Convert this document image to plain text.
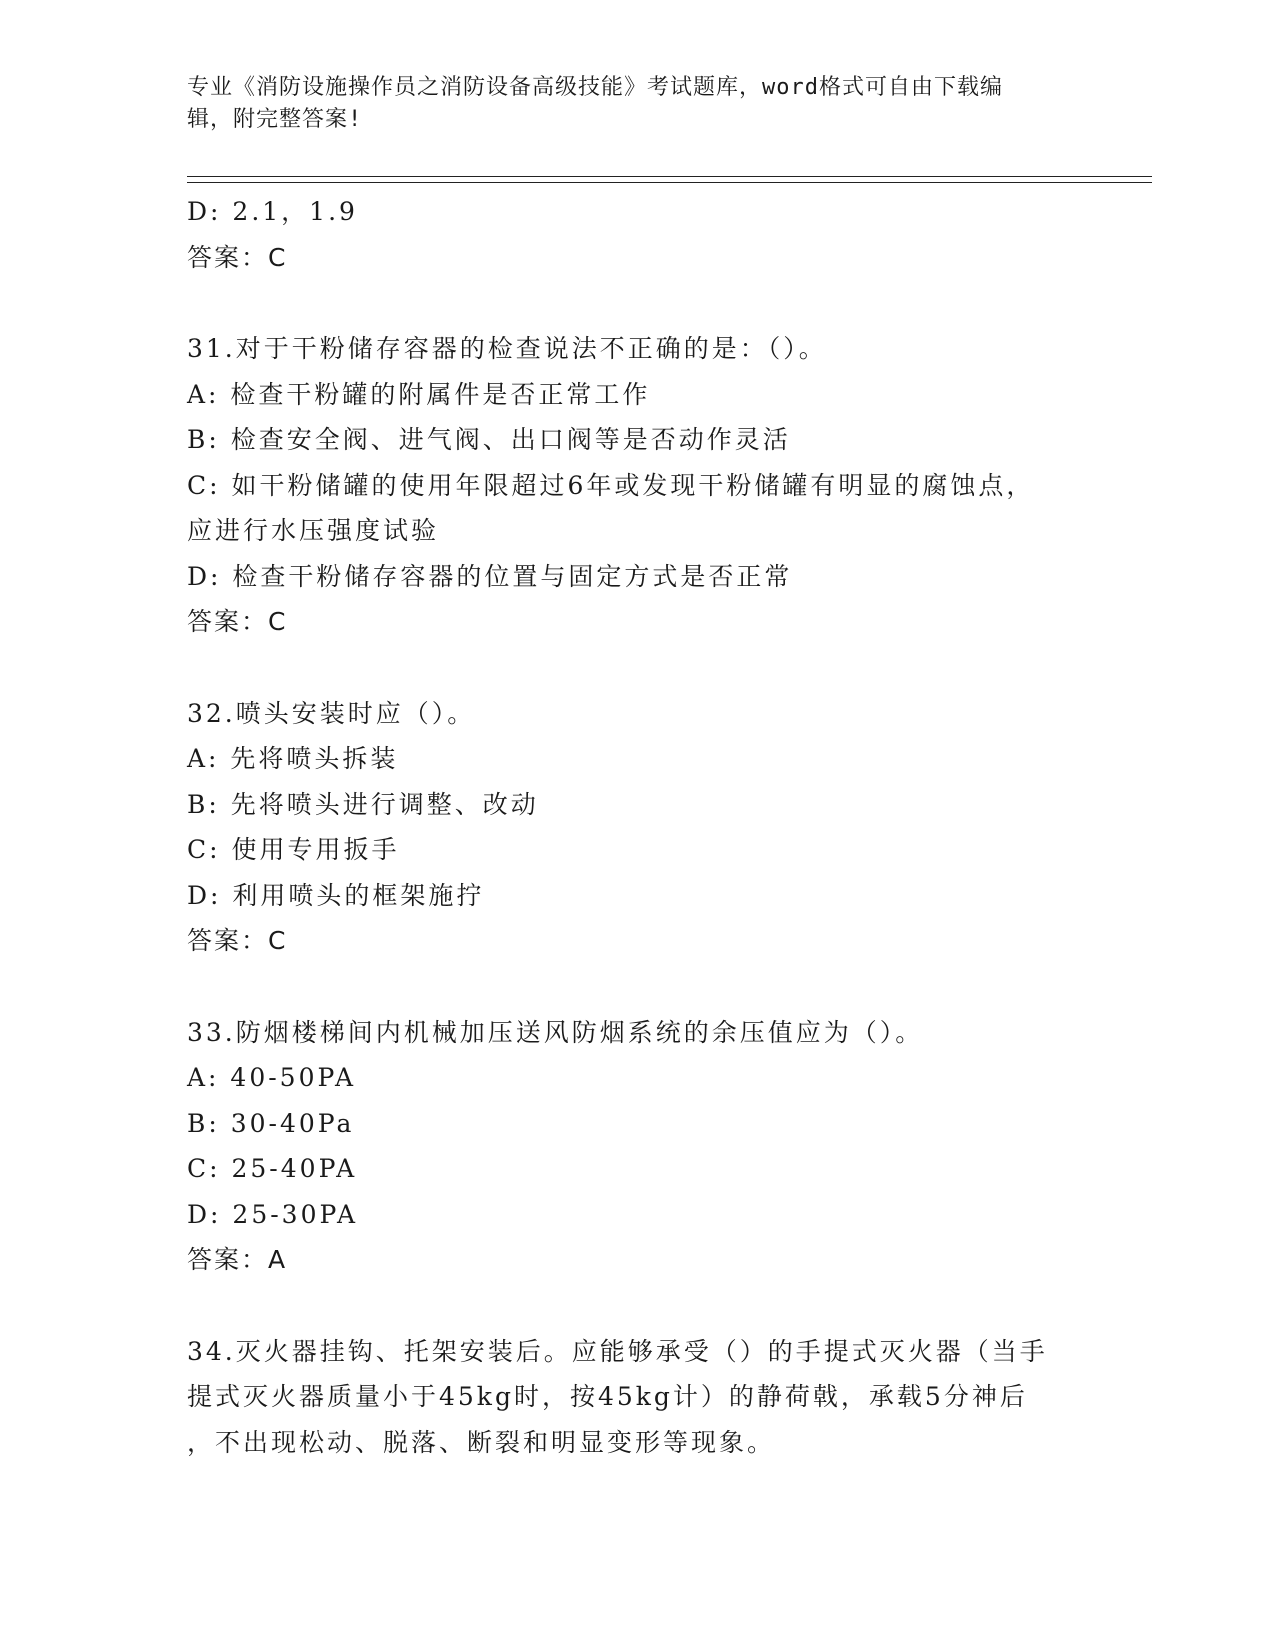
专业《消防设施操作员之消防设备高级技能》考试题库，word格式可自由下载编
辑，附完整答案!
D: 2.1，1.9
答案：C
31.对于干粉储存容器的检查说法不正确的是：（）。
A: 检查干粉罐的附属件是否正常工作
B: 检查安全阀、进气阀、出口阀等是否动作灵活
C: 如干粉储罐的使用年限超过6年或发现干粉储罐有明显的腐蚀点，
应进行水压强度试验
D: 检查干粉储存容器的位置与固定方式是否正常
答案：C
32.喷头安装时应（）。
A: 先将喷头拆装
B: 先将喷头进行调整、改动
C: 使用专用扳手
D: 利用喷头的框架施拧
答案：C
33.防烟楼梯间内机械加压送风防烟系统的余压值应为（）。
A: 40-50PA
B: 30-40Pa
C: 25-40PA
D: 25-30PA
答案：A
34.灭火器挂钩、托架安装后。应能够承受（）的手提式灭火器（当手
提式灭火器质量小于45kg时，按45kg计）的静荷戟，承载5分神后
，不出现松动、脱落、断裂和明显变形等现象。
